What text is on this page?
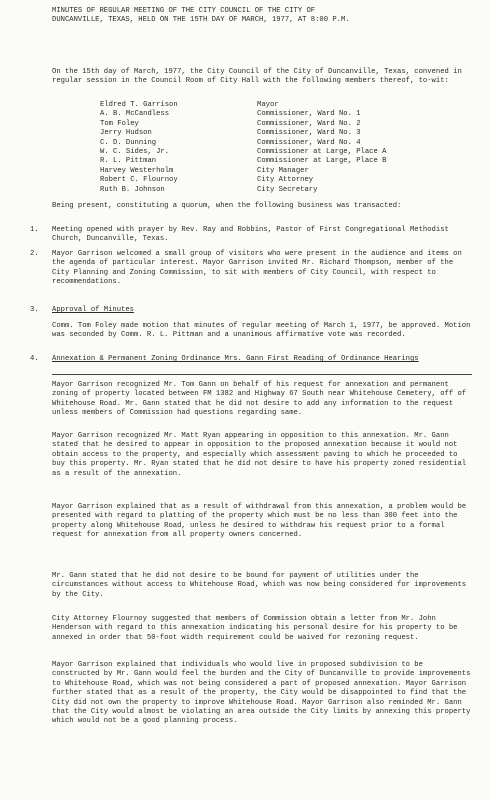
MINUTES OF REGULAR MEETING OF THE CITY COUNCIL OF THE CITY OF
DUNCANVILLE, TEXAS, HELD ON THE 15TH DAY OF MARCH, 1977, AT 8:00 P.M.

On the 15th day of March, 1977, the City Council of the City of Duncanville, Texas, convened in regular session in the Council Room of City Hall with the following members thereof, to-wit:

Eldred T. Garrison	Mayor
A. B. McCandless	Commissioner, Ward No. 1
Tom Foley	Commissioner, Ward No. 2
Jerry Hudson	Commissioner, Ward No. 3
C. D. Dunning	Commissioner, Ward No. 4
W. C. Sides, Jr.	Commissioner at Large, Place A
R. L. Pittman	Commissioner at Large, Place B
Harvey Westerholm	City Manager
Robert C. Flournoy	City Attorney
Ruth B. Johnson	City Secretary

Being present, constituting a quorum, when the following business was transacted:

1. Meeting opened with prayer by Rev. Ray and Robbins, Pastor of First Congregational Methodist Church, Duncanville, Texas.

2. Mayor Garrison welcomed a small group of visitors who were present in the audience and items on the agenda of particular interest. Mayor Garrison invited Mr. Richard Thompson, member of the City Planning and Zoning Commission, to sit with members of City Council, with respect to recommendations.

3. Approval of Minutes

Comm. Tom Foley made motion that minutes of regular meeting of March 1, 1977, be approved. Motion was seconded by Comm. R. L. Pittman and a unanimous affirmative vote was recorded.

4. Annexation & Permanent Zoning Ordinance Mrs. Gann First Reading of Ordinance Hearings

Mayor Garrison recognized Mr. Tom Gann on behalf of his request for annexation and permanent zoning of property located between FM 1382 and Highway 67 South near Whitehouse Cemetery, off of Whitehouse Road. Mr. Gann stated that he did not desire to add any information to the request unless members of Commission had questions regarding same.

Mayor Garrison recognized Mr. Matt Ryan appearing in opposition to this annexation. Mr. Gann stated that he desired to appear in opposition to the proposed annexation because it would not obtain access to the property, and especially which assessment paving to which he proceeded to buy this property. Mr. Ryan stated that he did not desire to have his property zoned residential as a result of the annexation.

Mayor Garrison explained that as a result of withdrawal from this annexation, a problem would be presented with regard to platting of the property which must be no less than 300 feet into the property along Whitehouse Road, unless he desired to withdraw his request prior to a formal request for annexation from all property owners concerned.

Mr. Gann stated that he did not desire to be bound for payment of utilities under the circumstances without access to Whitehouse Road, which was now being considered for improvements by the City.

City Attorney Flournoy suggested that members of Commission obtain a letter from Mr. John Henderson with regard to this annexation indicating his personal desire for his property to be annexed in order that 50-foot width requirement could be waived for rezoning request.

Mayor Garrison explained that individuals who would live in proposed subdivision to be constructed by Mr. Gann would feel the burden and the City of Duncanville to provide improvements to Whitehouse Road, which was not being considered a part of proposed annexation. Mayor Garrison further stated that as a result of the property, the City would be disappointed to find that the City did not own the property to improve Whitehouse Road. Mayor Garrison also reminded Mr. Gann that the City would almost be violating an area outside the City limits by annexing this property which would not be a good planning process.
